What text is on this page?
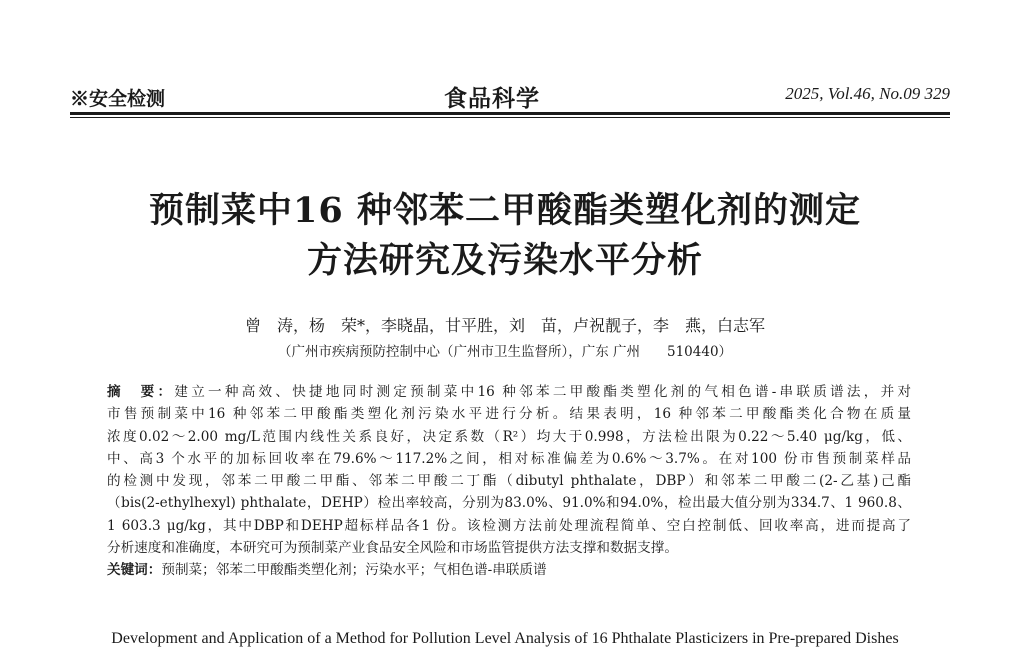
※安全检测	食品科学	2025, Vol.46, No.09 329
预制菜中16 种邻苯二甲酸酯类塑化剂的测定
方法研究及污染水平分析
曾　涛，杨　荣*，李晓晶，甘平胜，刘　苗，卢祝靓子，李　燕，白志军
（广州市疾病预防控制中心（广州市卫生监督所），广东 广州　　510440）
摘　要：建立一种高效、快捷地同时测定预制菜中16 种邻苯二甲酸酯类塑化剂的气相色谱-串联质谱法，并对
市售预制菜中16 种邻苯二甲酸酯类塑化剂污染水平进行分析。结果表明，16 种邻苯二甲酸酯类化合物在质量
浓度0.02～2.00 mg/L范围内线性关系良好，决定系数（R²）均大于0.998，方法检出限为0.22～5.40 μg/kg，低、
中、高3 个水平的加标回收率在79.6%～117.2%之间，相对标准偏差为0.6%～3.7%。在对100 份市售预制菜样品
的检测中发现，邻苯二甲酸二甲酯、邻苯二甲酸二丁酯（dibutyl phthalate，DBP）和邻苯二甲酸二(2-乙基)己酯
（bis(2-ethylhexyl) phthalate，DEHP）检出率较高，分别为83.0%、91.0%和94.0%，检出最大值分别为334.7、1 960.8、
1 603.3 μg/kg，其中DBP和DEHP超标样品各1 份。该检测方法前处理流程简单、空白控制低、回收率高，进而提高了
分析速度和准确度，本研究可为预制菜产业食品安全风险和市场监管提供方法支撑和数据支撑。
关键词：预制菜；邻苯二甲酸酯类塑化剂；污染水平；气相色谱-串联质谱
Development and Application of a Method for Pollution Level Analysis of 16 Phthalate Plasticizers in Pre-prepared Dishes
